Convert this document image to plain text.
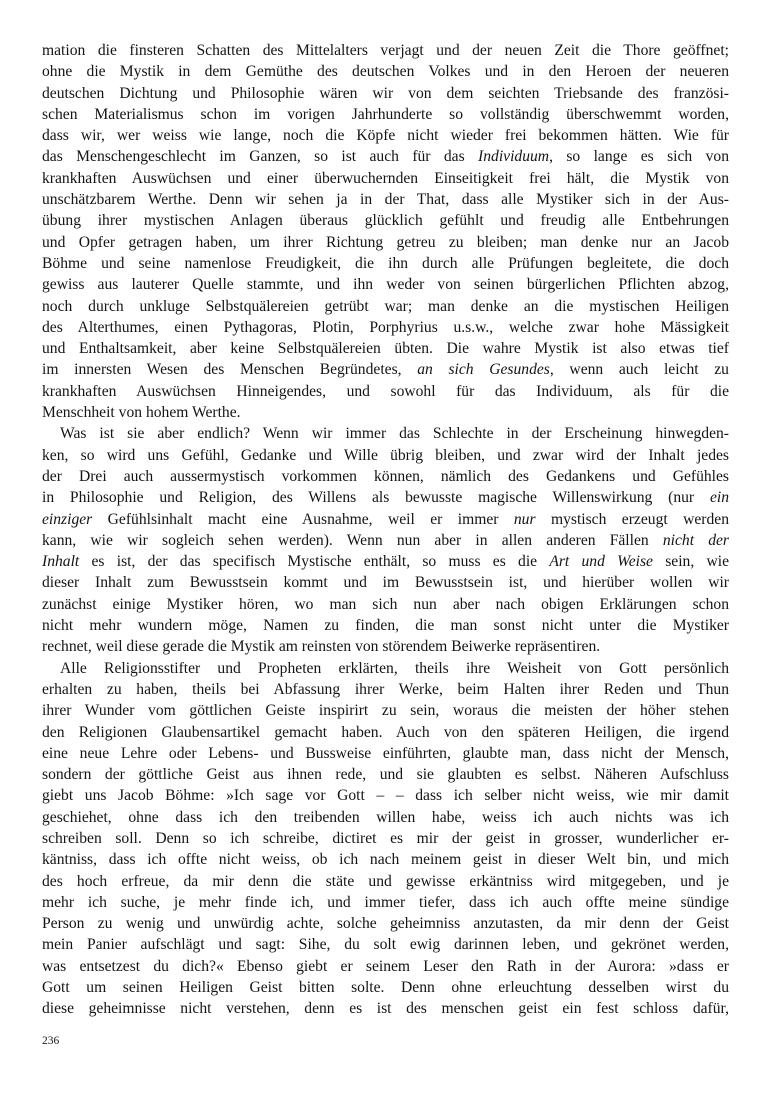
mation die finsteren Schatten des Mittelalters verjagt und der neuen Zeit die Thore geöffnet;
ohne die Mystik in dem Gemüthe des deutschen Volkes und in den Heroen der neueren
deutschen Dichtung und Philosophie wären wir von dem seichten Triebsande des französi-
schen Materialismus schon im vorigen Jahrhunderte so vollständig überschwemmt worden,
dass wir, wer weiss wie lange, noch die Köpfe nicht wieder frei bekommen hätten. Wie für
das Menschengeschlecht im Ganzen, so ist auch für das Individuum, so lange es sich von
krankhaften Auswüchsen und einer überwuchernden Einseitigkeit frei hält, die Mystik von
unschätzbarem Werthe. Denn wir sehen ja in der That, dass alle Mystiker sich in der Aus-
übung ihrer mystischen Anlagen überaus glücklich gefühlt und freudig alle Entbehrungen
und Opfer getragen haben, um ihrer Richtung getreu zu bleiben; man denke nur an Jacob
Böhme und seine namenlose Freudigkeit, die ihn durch alle Prüfungen begleitete, die doch
gewiss aus lauterer Quelle stammte, und ihn weder von seinen bürgerlichen Pflichten abzog,
noch durch unkluge Selbstquälereien getrübt war; man denke an die mystischen Heiligen
des Alterthumes, einen Pythagoras, Plotin, Porphyrius u.s.w., welche zwar hohe Mässigkeit
und Enthaltsamkeit, aber keine Selbstquälereien übten. Die wahre Mystik ist also etwas tief
im innersten Wesen des Menschen Begründetes, an sich Gesundes, wenn auch leicht zu
krankhaften Auswüchsen Hinneigendes, und sowohl für das Individuum, als für die
Menschheit von hohem Werthe.
Was ist sie aber endlich? Wenn wir immer das Schlechte in der Erscheinung hinwegden-
ken, so wird uns Gefühl, Gedanke und Wille übrig bleiben, und zwar wird der Inhalt jedes
der Drei auch aussermystisch vorkommen können, nämlich des Gedankens und Gefühles
in Philosophie und Religion, des Willens als bewusste magische Willenswirkung (nur ein
einziger Gefühlsinhalt macht eine Ausnahme, weil er immer nur mystisch erzeugt werden
kann, wie wir sogleich sehen werden). Wenn nun aber in allen anderen Fällen nicht der
Inhalt es ist, der das specifisch Mystische enthält, so muss es die Art und Weise sein, wie
dieser Inhalt zum Bewusstsein kommt und im Bewusstsein ist, und hierüber wollen wir
zunächst einige Mystiker hören, wo man sich nun aber nach obigen Erklärungen schon
nicht mehr wundern möge, Namen zu finden, die man sonst nicht unter die Mystiker
rechnet, weil diese gerade die Mystik am reinsten von störendem Beiwerke repräsentiren.
Alle Religionsstifter und Propheten erklärten, theils ihre Weisheit von Gott persönlich
erhalten zu haben, theils bei Abfassung ihrer Werke, beim Halten ihrer Reden und Thun
ihrer Wunder vom göttlichen Geiste inspirirt zu sein, woraus die meisten der höher stehen
den Religionen Glaubensartikel gemacht haben. Auch von den späteren Heiligen, die irgend
eine neue Lehre oder Lebens- und Bussweise einführten, glaubte man, dass nicht der Mensch,
sondern der göttliche Geist aus ihnen rede, und sie glaubten es selbst. Näheren Aufschluss
giebt uns Jacob Böhme: »Ich sage vor Gott – – dass ich selber nicht weiss, wie mir damit
geschiehet, ohne dass ich den treibenden willen habe, weiss ich auch nichts was ich
schreiben soll. Denn so ich schreibe, dictiret es mir der geist in grosser, wunderlicher er-
käntniss, dass ich offte nicht weiss, ob ich nach meinem geist in dieser Welt bin, und mich
des hoch erfreue, da mir denn die stäte und gewisse erkäntniss wird mitgegeben, und je
mehr ich suche, je mehr finde ich, und immer tiefer, dass ich auch offte meine sündige
Person zu wenig und unwürdig achte, solche geheimniss anzutasten, da mir denn der Geist
mein Panier aufschlägt und sagt: Sihe, du solt ewig darinnen leben, und gekrönet werden,
was entsetzest du dich?« Ebenso giebt er seinem Leser den Rath in der Aurora: »dass er
Gott um seinen Heiligen Geist bitten solte. Denn ohne erleuchtung desselben wirst du
diese geheimnisse nicht verstehen, denn es ist des menschen geist ein fest schloss dafür,
236
